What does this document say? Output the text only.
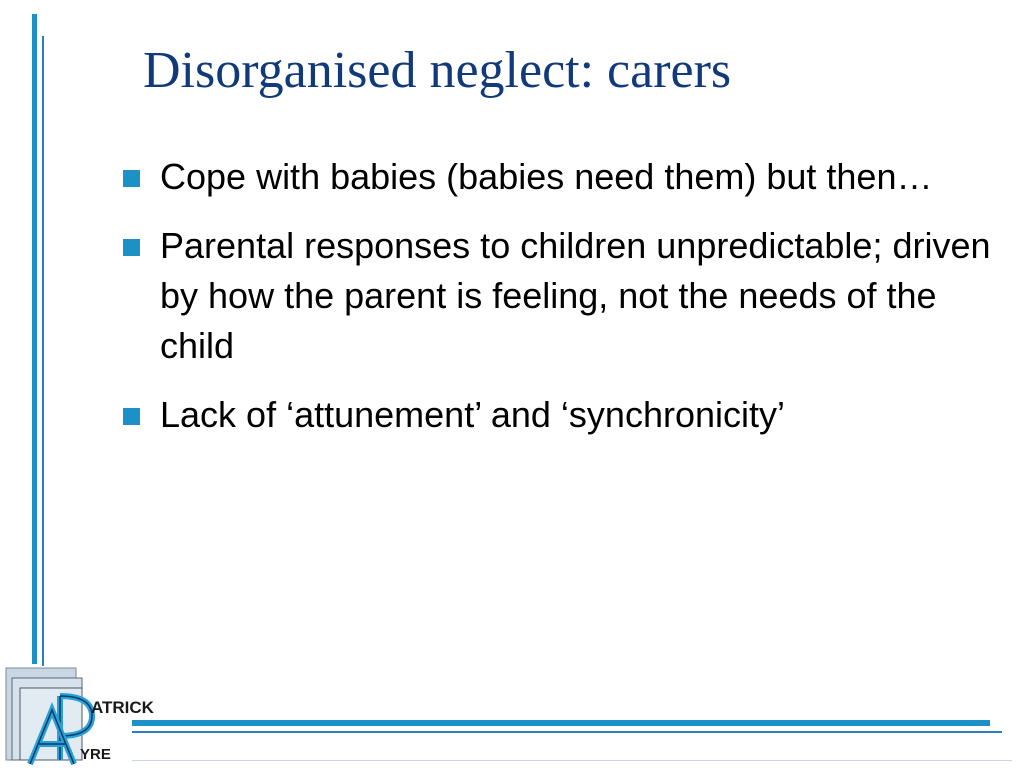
Disorganised neglect: carers
Cope with babies (babies need them) but then…
Parental responses to children unpredictable; driven by how the parent is feeling, not the needs of the child
Lack of ‘attunement’ and ‘synchronicity’
ATRICK
YRE
